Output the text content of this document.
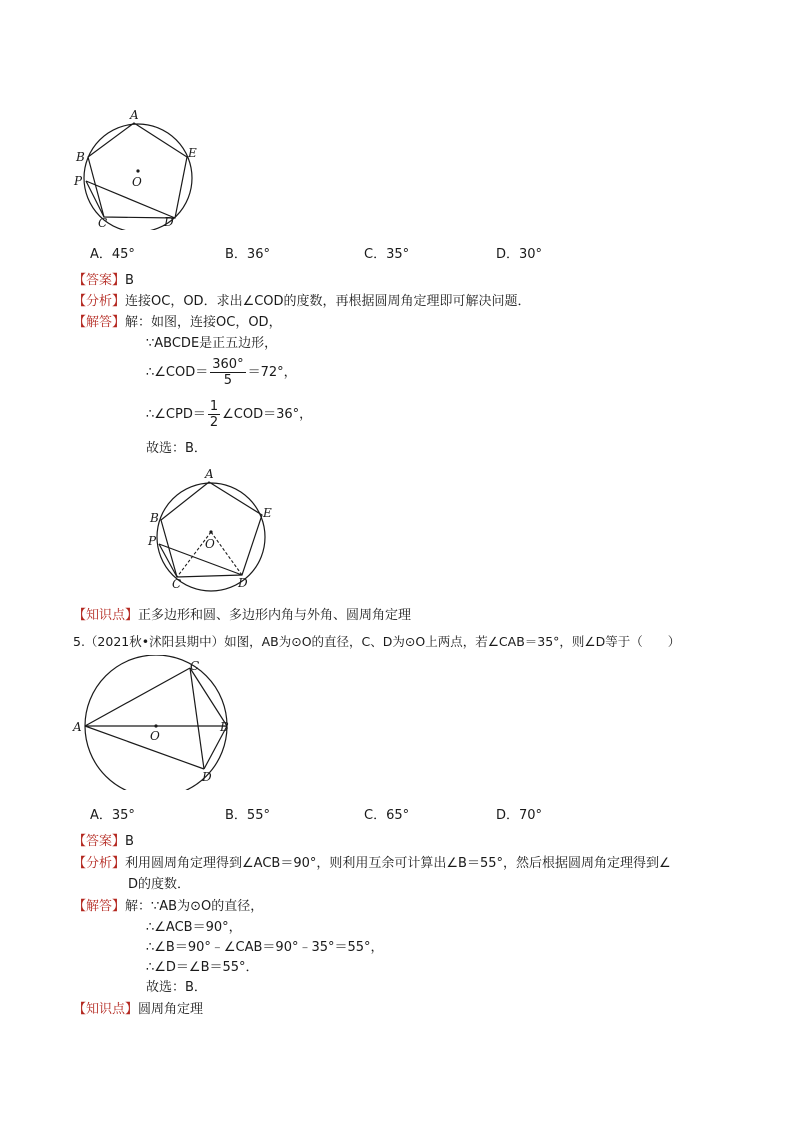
A
B	E
P	O
C	D
A．45°	B．36°	C．35°	D．30°
【答案】B
【分析】连接OC，OD．求出∠COD的度数，再根据圆周角定理即可解决问题．
【解答】解：如图，连接OC，OD，
∵ABCDE是正五边形，
∴∠COD＝ $\frac{360^\circ}{5} =72^\circ$，
∴∠CPD＝ $\frac{1}{2}$ ∠COD＝36°，
故选：B．
A
B	E
P	O
C	D
【知识点】正多边形和圆、多边形内角与外角、圆周角定理
5.（2021秋•沭阳县期中）如图，AB为⊙O的直径，C、D为⊙O上两点，若∠CAB＝35°，则∠D等于（　　）
A	B
C
D
O
A．35°	B．55°	C．65°	D．70°
【答案】B
【分析】利用圆周角定理得到∠ACB＝90°，则利用互余可计算出∠B＝55°，然后根据圆周角定理得到∠
D的度数．
【解答】解：∵AB为⊙O的直径，
∴∠ACB＝90°，
∴∠B＝90°﹣∠CAB＝90°﹣35°＝55°，
∴∠D＝∠B＝55°．
故选：B．
【知识点】圆周角定理
